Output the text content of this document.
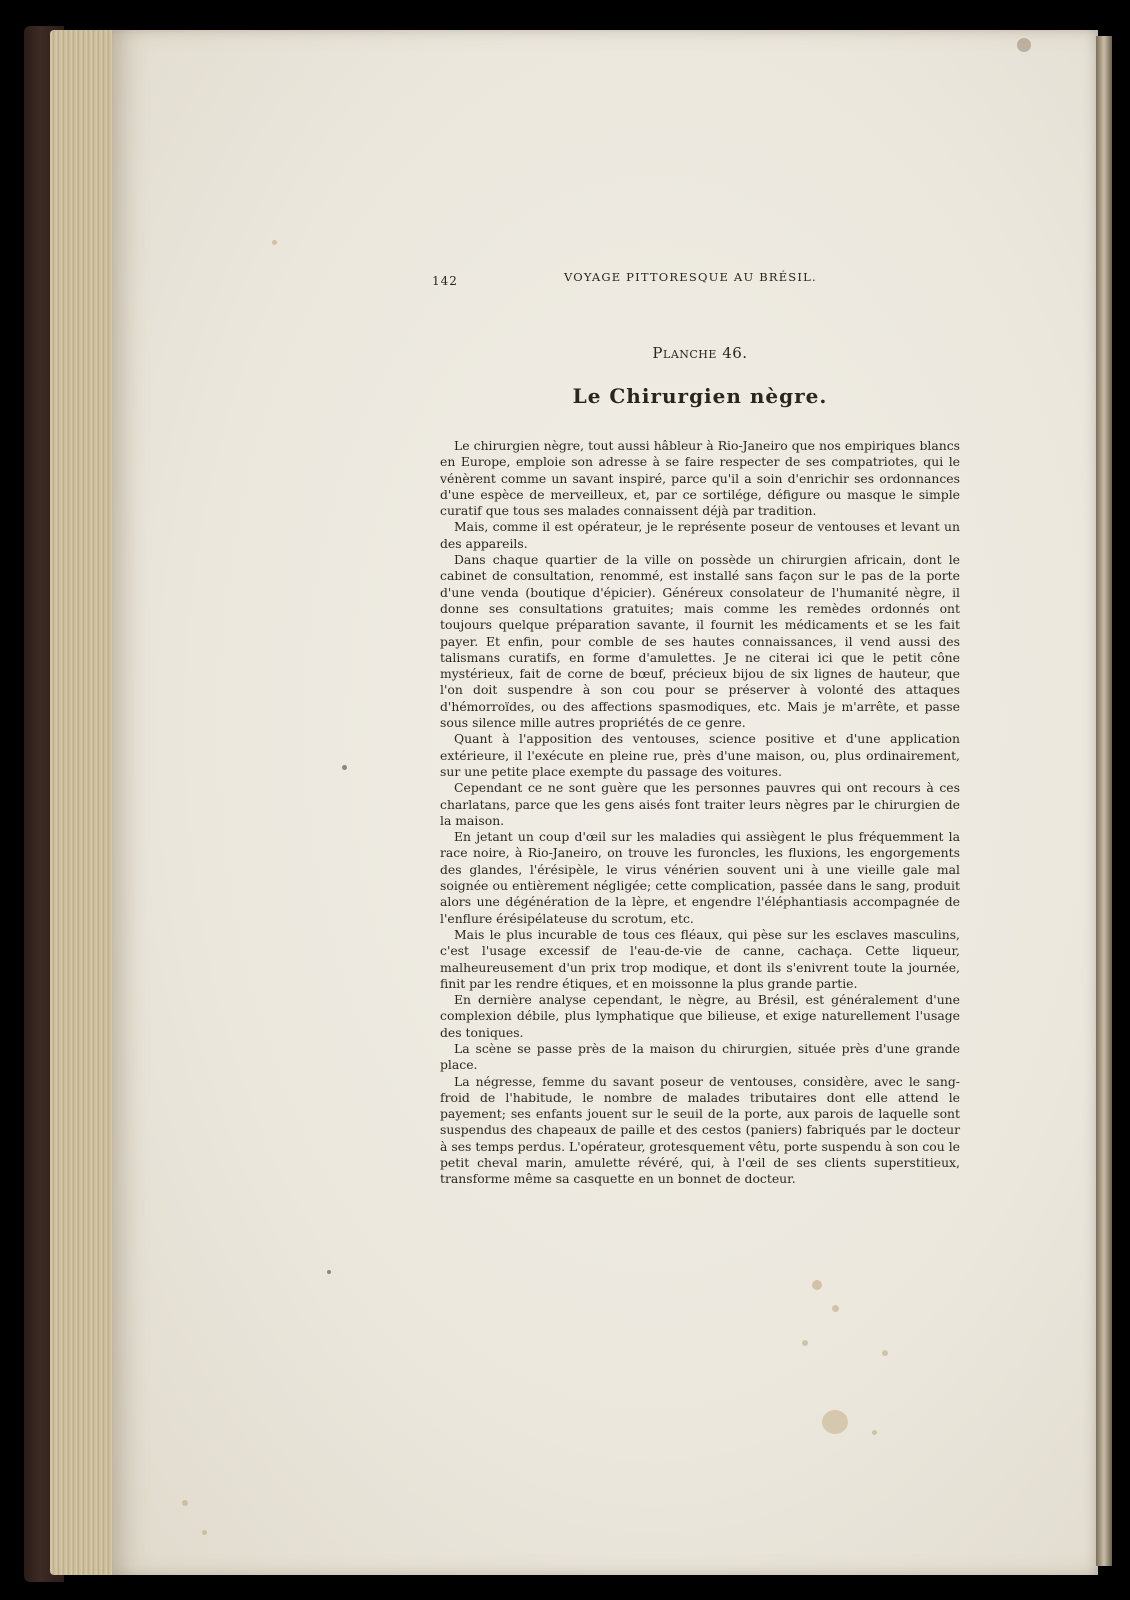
142	VOYAGE PITTORESQUE AU BRÉSIL.
Planche 46.
Le Chirurgien nègre.

Le chirurgien nègre, tout aussi hâbleur à Rio-Janeiro que nos empiriques blancs en Europe, emploie son adresse à se faire respecter de ses compatriotes, qui le vénèrent comme un savant inspiré, parce qu'il a soin d'enrichir ses ordonnances d'une espèce de merveilleux, et, par ce sortilége, défigure ou masque le simple curatif que tous ses malades connaissent déjà par tradition.

Mais, comme il est opérateur, je le représente poseur de ventouses et levant un des appareils.

Dans chaque quartier de la ville on possède un chirurgien africain, dont le cabinet de consultation, renommé, est installé sans façon sur le pas de la porte d'une venda (boutique d'épicier). Généreux consolateur de l'humanité nègre, il donne ses consultations gratuites; mais comme les remèdes ordonnés ont toujours quelque préparation savante, il fournit les médicaments et se les fait payer. Et enfin, pour comble de ses hautes connaissances, il vend aussi des talismans curatifs, en forme d'amulettes. Je ne citerai ici que le petit cône mystérieux, fait de corne de bœuf, précieux bijou de six lignes de hauteur, que l'on doit suspendre à son cou pour se préserver à volonté des attaques d'hémorroïdes, ou des affections spasmodiques, etc. Mais je m'arrête, et passe sous silence mille autres propriétés de ce genre.

Quant à l'apposition des ventouses, science positive et d'une application extérieure, il l'exécute en pleine rue, près d'une maison, ou, plus ordinairement, sur une petite place exempte du passage des voitures.

Cependant ce ne sont guère que les personnes pauvres qui ont recours à ces charlatans, parce que les gens aisés font traiter leurs nègres par le chirurgien de la maison.

En jetant un coup d'œil sur les maladies qui assiègent le plus fréquemment la race noire, à Rio-Janeiro, on trouve les furoncles, les fluxions, les engorgements des glandes, l'érésipèle, le virus vénérien souvent uni à une vieille gale mal soignée ou entièrement négligée; cette complication, passée dans le sang, produit alors une dégénération de la lèpre, et engendre l'éléphantiasis accompagnée de l'enflure érésipélateuse du scrotum, etc.

Mais le plus incurable de tous ces fléaux, qui pèse sur les esclaves masculins, c'est l'usage excessif de l'eau-de-vie de canne, cachaça. Cette liqueur, malheureusement d'un prix trop modique, et dont ils s'enivrent toute la journée, finit par les rendre étiques, et en moissonne la plus grande partie.

En dernière analyse cependant, le nègre, au Brésil, est généralement d'une complexion débile, plus lymphatique que bilieuse, et exige naturellement l'usage des toniques.

La scène se passe près de la maison du chirurgien, située près d'une grande place.

La négresse, femme du savant poseur de ventouses, considère, avec le sang-froid de l'habitude, le nombre de malades tributaires dont elle attend le payement; ses enfants jouent sur le seuil de la porte, aux parois de laquelle sont suspendus des chapeaux de paille et des cestos (paniers) fabriqués par le docteur à ses temps perdus. L'opérateur, grotesquement vêtu, porte suspendu à son cou le petit cheval marin, amulette révéré, qui, à l'œil de ses clients superstitieux, transforme même sa casquette en un bonnet de docteur.
